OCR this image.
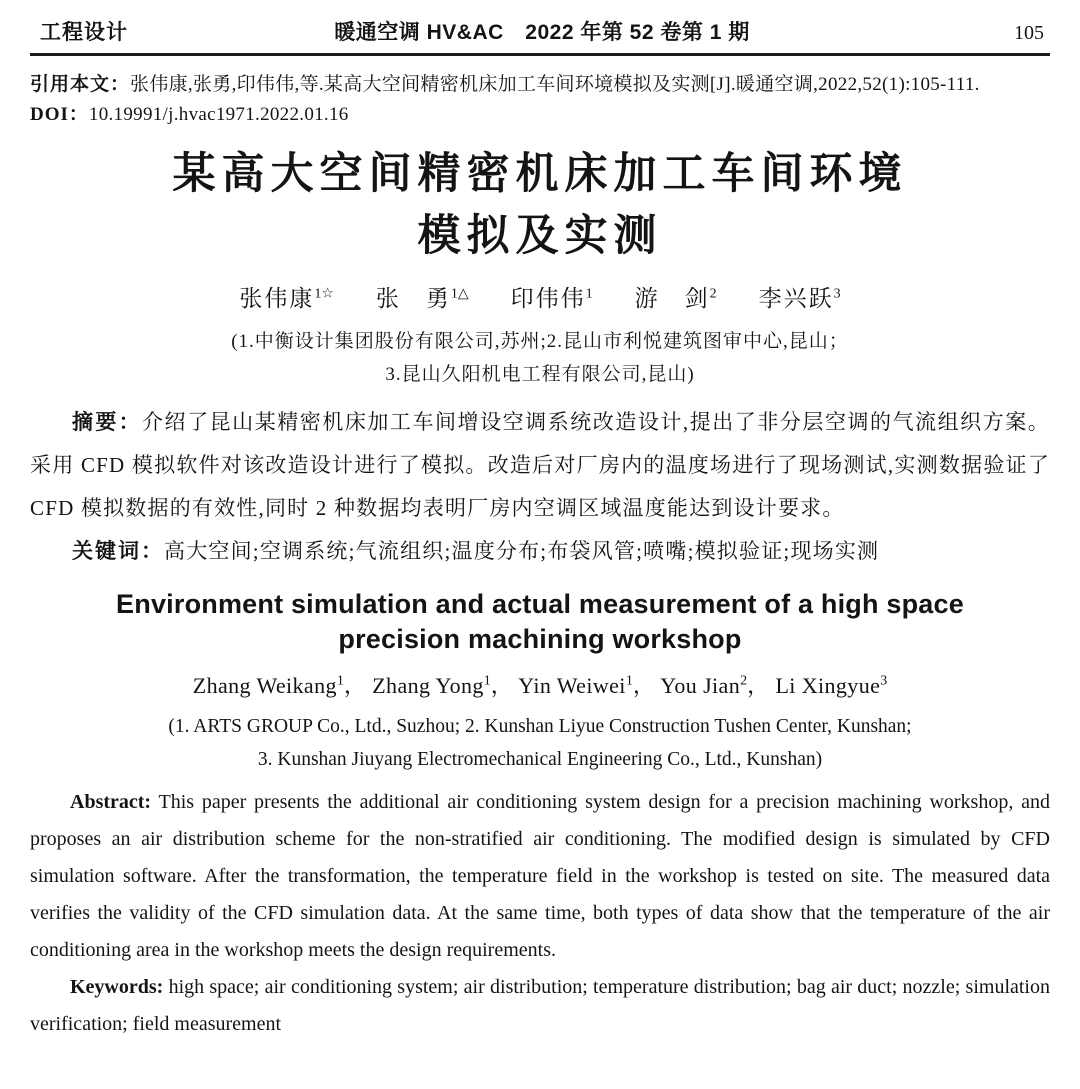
工程设计	暖通空调 HV&AC　2022 年第 52 卷第 1 期	105
引用本文：张伟康,张勇,印伟伟,等.某高大空间精密机床加工车间环境模拟及实测[J].暖通空调,2022,52(1):105-111.
DOI：10.19991/j.hvac1971.2022.01.16
某高大空间精密机床加工车间环境
模拟及实测
张伟康$^{1☆}$ 张　勇$^{1\triangle}$ 印伟伟$^1$ 游　剑$^2$ 李兴跃$^3$
(1.中衡设计集团股份有限公司,苏州;2.昆山市利悦建筑图审中心,昆山；
3.昆山久阳机电工程有限公司,昆山)

摘要：介绍了昆山某精密机床加工车间增设空调系统改造设计,提出了非分层空调的气流组织方案。采用 CFD 模拟软件对该改造设计进行了模拟。改造后对厂房内的温度场进行了现场测试,实测数据验证了 CFD 模拟数据的有效性,同时 2 种数据均表明厂房内空调区域温度能达到设计要求。

关键词：高大空间;空调系统;气流组织;温度分布;布袋风管;喷嘴;模拟验证;现场实测

Environment simulation and actual measurement of a high space
precision machining workshop
Zhang Weikang$^1$， Zhang Yong$^1$， Yin Weiwei$^1$， You Jian$^2$， Li Xingyue$^3$
(1. ARTS GROUP Co., Ltd., Suzhou; 2. Kunshan Liyue Construction Tushen Center, Kunshan;
3. Kunshan Jiuyang Electromechanical Engineering Co., Ltd., Kunshan)

Abstract: This paper presents the additional air conditioning system design for a precision machining workshop, and proposes an air distribution scheme for the non-stratified air conditioning. The modified design is simulated by CFD simulation software. After the transformation, the temperature field in the workshop is tested on site. The measured data verifies the validity of the CFD simulation data. At the same time, both types of data show that the temperature of the air conditioning area in the workshop meets the design requirements.

Keywords: high space; air conditioning system; air distribution; temperature distribution; bag air duct; nozzle; simulation verification; field measurement
